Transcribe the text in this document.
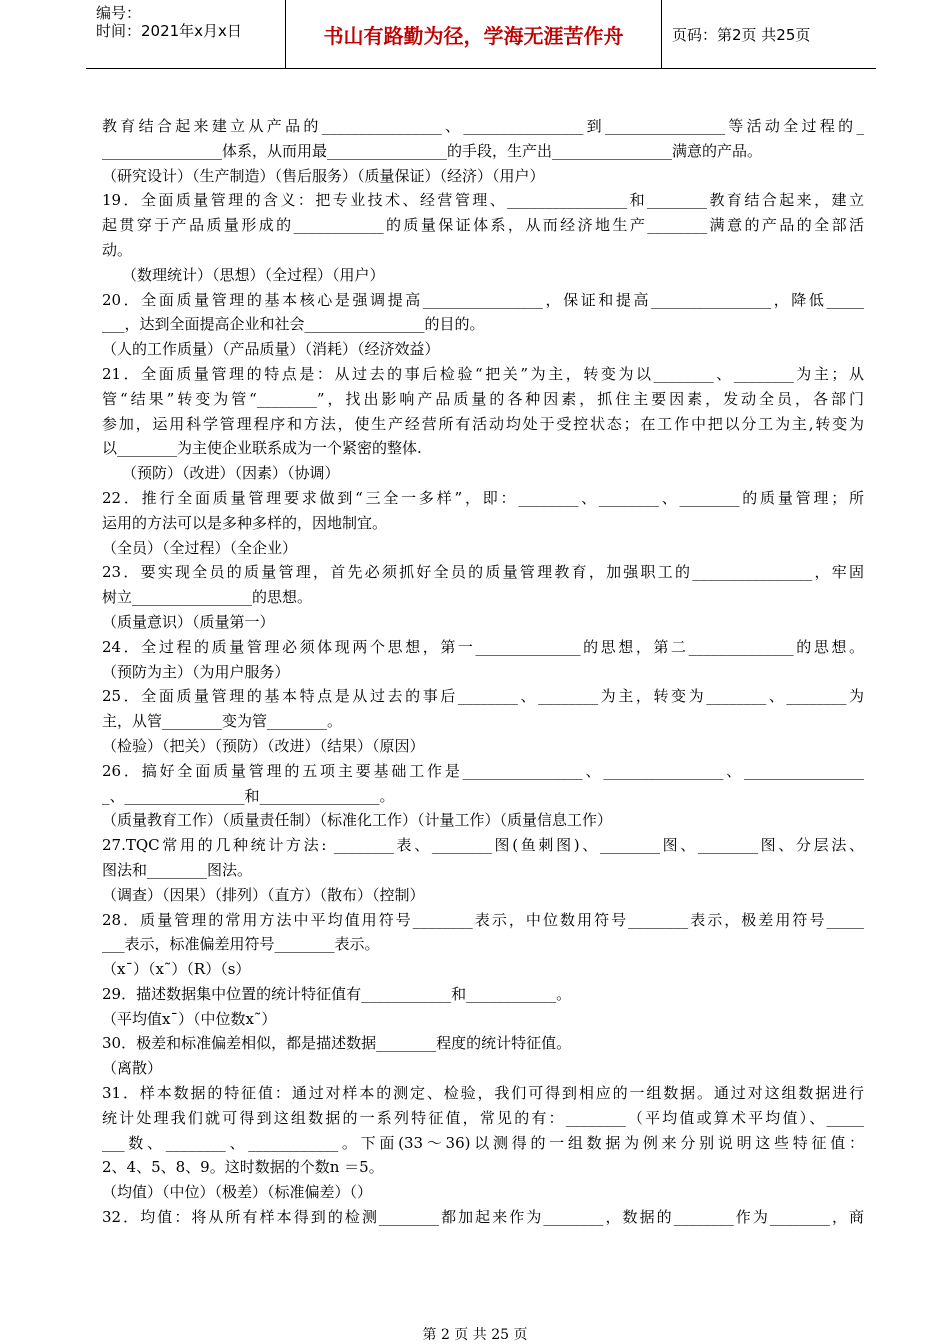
编号：
时间：2021年x月x日	书山有路勤为径，学海无涯苦作舟	页码：第2页 共25页
教育结合起来建立从产品的________________、________________到________________等活动全过程的_
________________体系，从而用最________________的手段，生产出________________满意的产品。
（研究设计）（生产制造）（售后服务）（质量保证）（经济）（用户）
19．全面质量管理的含义：把专业技术、经营管理、________________和________教育结合起来，建立
起贯穿于产品质量形成的____________的质量保证体系，从而经济地生产________满意的产品的全部活
动。
（数理统计）（思想）（全过程）（用户）
20．全面质量管理的基本核心是强调提高________________，保证和提高________________，降低_____
___，达到全面提高企业和社会________________的目的。
（人的工作质量）（产品质量）（消耗）（经济效益）
21．全面质量管理的特点是：从过去的事后检验“把关”为主，转变为以________、________为主；从
管“结果”转变为管“________”，找出影响产品质量的各种因素，抓住主要因素，发动全员，各部门
参加，运用科学管理程序和方法，使生产经营所有活动均处于受控状态；在工作中把以分工为主,转变为
以________为主使企业联系成为一个紧密的整体.
（预防）（改进）（因素）（协调）
22．推行全面质量管理要求做到“三全一多样”，即：________、________、________的质量管理；所
运用的方法可以是多种多样的，因地制宜。
（全员）（全过程）（全企业）
23．要实现全员的质量管理，首先必须抓好全员的质量管理教育，加强职工的________________，牢固
树立________________的思想。
（质量意识）（质量第一）
24．全过程的质量管理必须体现两个思想，第一______________的思想，第二______________的思想。
（预防为主）（为用户服务）
25．全面质量管理的基本特点是从过去的事后________、________为主，转变为________、________为
主，从管________变为管________。
（检验）（把关）（预防）（改进）（结果）（原因）
26．搞好全面质量管理的五项主要基础工作是________________、________________、________________
_、________________和________________。
（质量教育工作）（质量责任制）（标准化工作）（计量工作）（质量信息工作）
27.TQC常用的几种统计方法: ________表、________图(鱼刺图)、________图、________图、分层法、
图法和________图法。
（调查）（因果）（排列）（直方）（散布）（控制）
28．质量管理的常用方法中平均值用符号________表示，中位数用符号________表示，极差用符号_____
___表示，标准偏差用符号________表示。
（x¯）（x˜）（R）（s）
29．描述数据集中位置的统计特征值有____________和____________。
（平均值x¯）（中位数x˜）
30．极差和标准偏差相似，都是描述数据________程度的统计特征值。
（离散）
31．样本数据的特征值：通过对样本的测定、检验，我们可得到相应的一组数据。通过对这组数据进行
统计处理我们就可得到这组数据的一系列特征值，常见的有：________（平均值或算术平均值）、_____
___数、________、____________。下面(33～36)以测得的一组数据为例来分别说明这些特征值：
2、4、5、8、9。这时数据的个数n ＝5。
（均值）（中位）（极差）（标准偏差）（）
32．均值：将从所有样本得到的检测________都加起来作为________，数据的________作为________，商
第 2 页 共 25 页
